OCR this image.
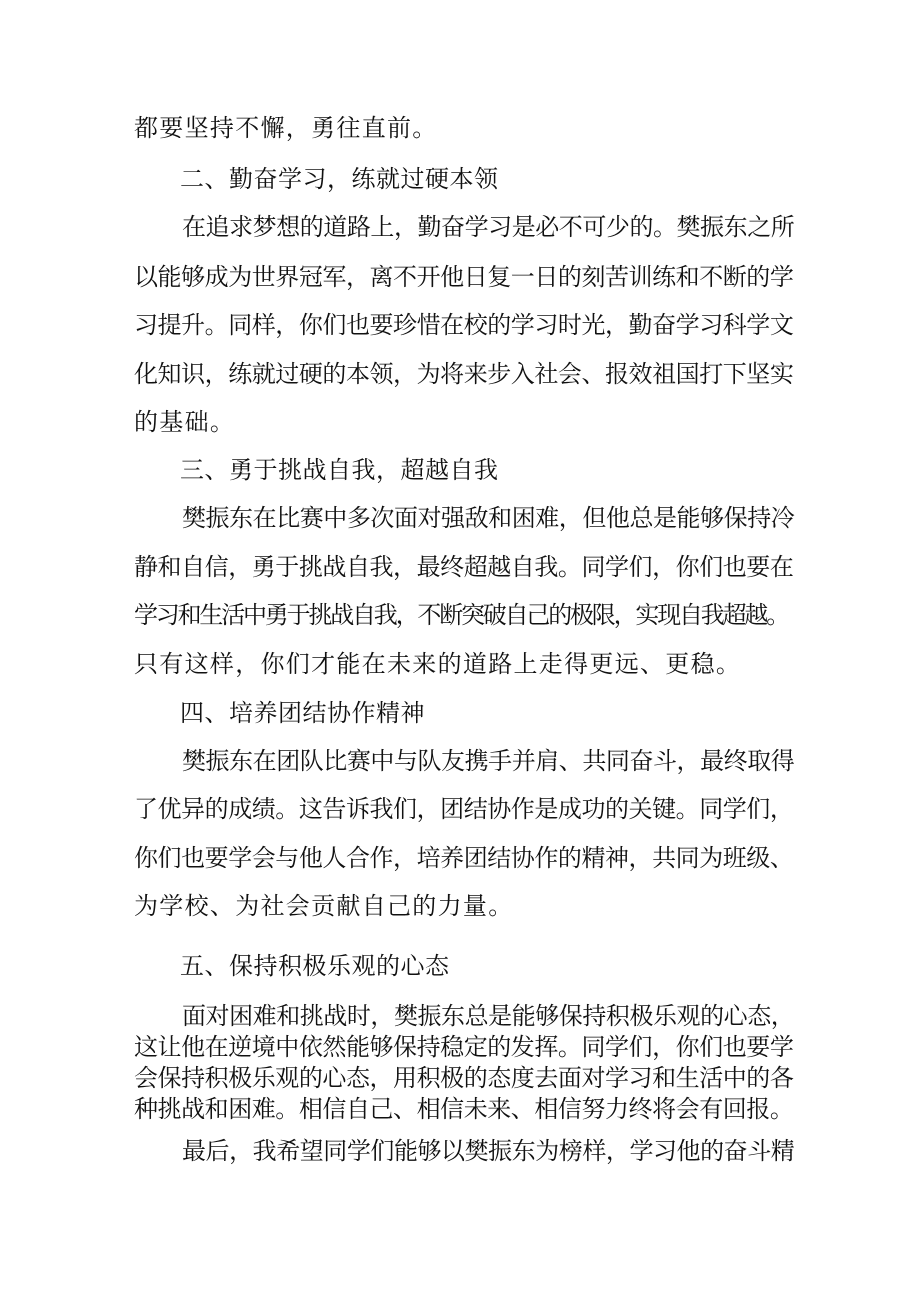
都要坚持不懈，勇往直前。
二、勤奋学习，练就过硬本领
在追求梦想的道路上，勤奋学习是必不可少的。樊振东之所
以能够成为世界冠军，离不开他日复一日的刻苦训练和不断的学
习提升。同样，你们也要珍惜在校的学习时光，勤奋学习科学文
化知识，练就过硬的本领，为将来步入社会、报效祖国打下坚实
的基础。
三、勇于挑战自我，超越自我
樊振东在比赛中多次面对强敌和困难，但他总是能够保持冷
静和自信，勇于挑战自我，最终超越自我。同学们，你们也要在
学习和生活中勇于挑战自我，不断突破自己的极限，实现自我超越。
只有这样，你们才能在未来的道路上走得更远、更稳。
四、培养团结协作精神
樊振东在团队比赛中与队友携手并肩、共同奋斗，最终取得
了优异的成绩。这告诉我们，团结协作是成功的关键。同学们，
你们也要学会与他人合作，培养团结协作的精神，共同为班级、
为学校、为社会贡献自己的力量。
五、保持积极乐观的心态
面对困难和挑战时，樊振东总是能够保持积极乐观的心态，
这让他在逆境中依然能够保持稳定的发挥。同学们，你们也要学
会保持积极乐观的心态，用积极的态度去面对学习和生活中的各
种挑战和困难。相信自己、相信未来、相信努力终将会有回报。
最后，我希望同学们能够以樊振东为榜样，学习他的奋斗精
